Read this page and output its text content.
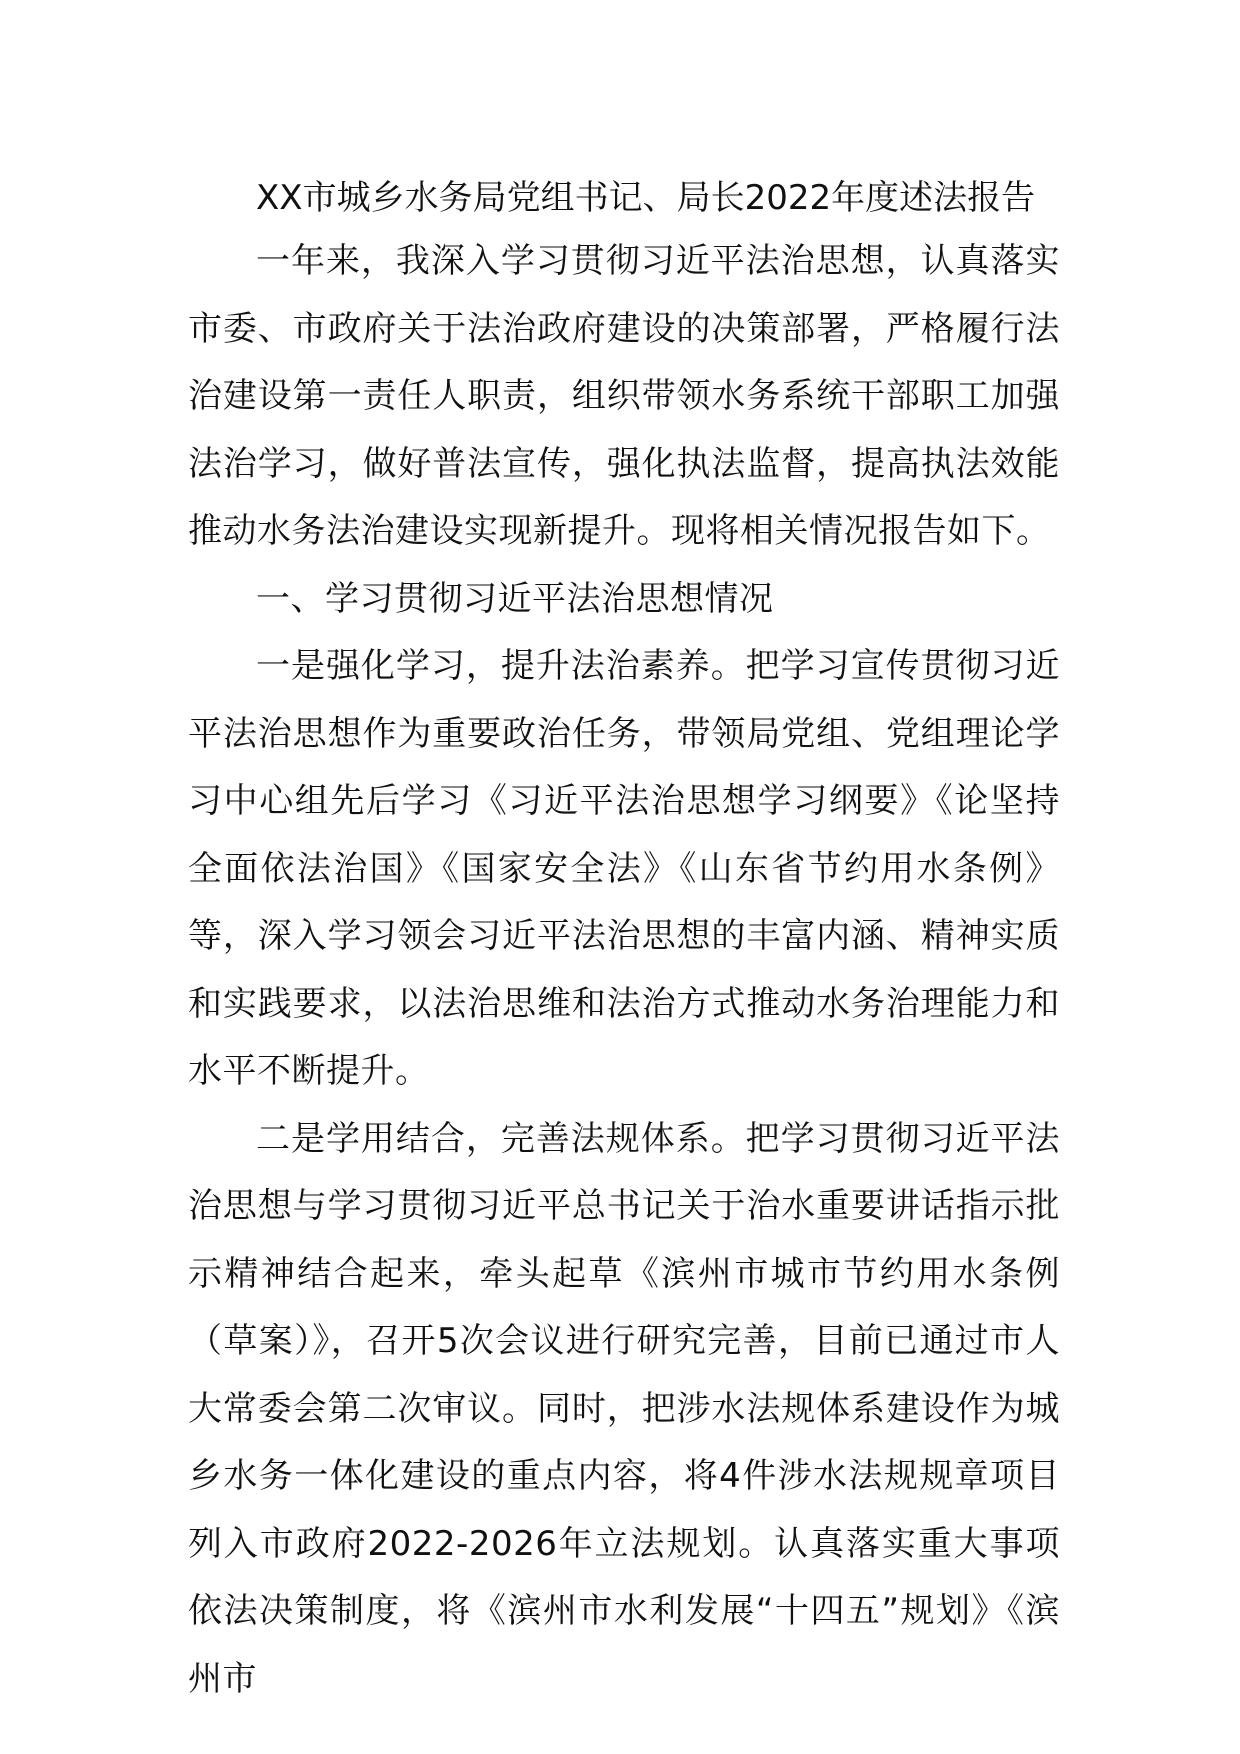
XX市城乡水务局党组书记、局长2022年度述法报告

一年来，我深入学习贯彻习近平法治思想，认真落实市委、市政府关于法治政府建设的决策部署，严格履行法治建设第一责任人职责，组织带领水务系统干部职工加强法治学习，做好普法宣传，强化执法监督，提高执法效能推动水务法治建设实现新提升。现将相关情况报告如下。

一、学习贯彻习近平法治思想情况

一是强化学习，提升法治素养。把学习宣传贯彻习近平法治思想作为重要政治任务，带领局党组、党组理论学习中心组先后学习《习近平法治思想学习纲要》《论坚持全面依法治国》《国家安全法》《山东省节约用水条例》等，深入学习领会习近平法治思想的丰富内涵、精神实质和实践要求，以法治思维和法治方式推动水务治理能力和水平不断提升。

二是学用结合，完善法规体系。把学习贯彻习近平法治思想与学习贯彻习近平总书记关于治水重要讲话指示批示精神结合起来，牵头起草《滨州市城市节约用水条例（草案）》，召开5次会议进行研究完善，目前已通过市人大常委会第二次审议。同时，把涉水法规体系建设作为城乡水务一体化建设的重点内容，将4件涉水法规规章项目列入市政府2022-2026年立法规划。认真落实重大事项依法决策制度，将《滨州市水利发展“十四五”规划》《滨州市
